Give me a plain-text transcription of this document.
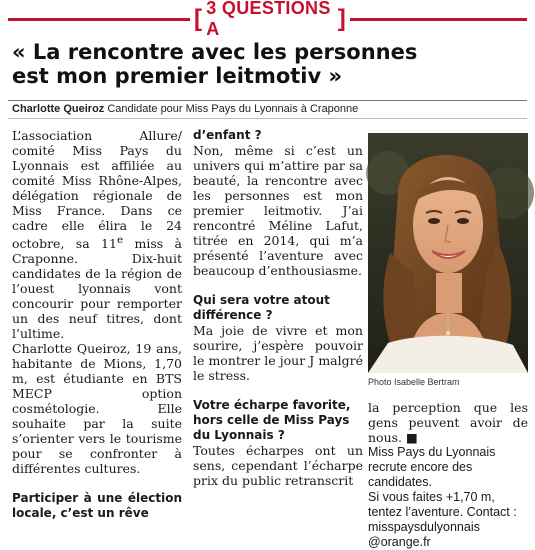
[ 3 QUESTIONS A	]
« La rencontre avec les personnes
est mon premier leitmotiv »
Charlotte Queiroz Candidate pour Miss Pays du Lyonnais à Craponne

L’association Allure/ comité Miss Pays du Lyonnais est affiliée au comité Miss Rhône-Alpes, délégation régionale de Miss France. Dans ce cadre elle élira le 24 octobre, sa 11e miss à Craponne. Dix-huit candidates de la région de l’ouest lyonnais vont concourir pour remporter un des neuf titres, dont l’ultime.

Charlotte Queiroz, 19 ans, habitante de Mions, 1,70 m, est étudiante en BTS MECP option cosmétologie. Elle souhaite par la suite s’orienter vers le tourisme pour se confronter à différentes cultures.

Participer à une élection locale, c’est un rêve

d’enfant ?

Non, même si c’est un univers qui m’attire par sa beauté, la rencontre avec les personnes est mon premier leitmotiv. J’ai rencontré Méline Lafut, titrée en 2014, qui m’a présenté l’aventure avec beaucoup d’enthousiasme.

Qui sera votre atout différence ?

Ma joie de vivre et mon sourire, j’espère pouvoir le montrer le jour J malgré le stress.

Votre écharpe favorite, hors celle de Miss Pays du Lyonnais ?

Toutes écharpes ont un sens, cependant l’écharpe prix du public retranscrit

Photo Isabelle Bertram

la perception que les gens peuvent avoir de nous. ■

Miss Pays du Lyonnais recrute encore des candidates.

Si vous faites +1,70 m, tentez l’aventure. Contact : misspaysdulyonnais @orange.fr
